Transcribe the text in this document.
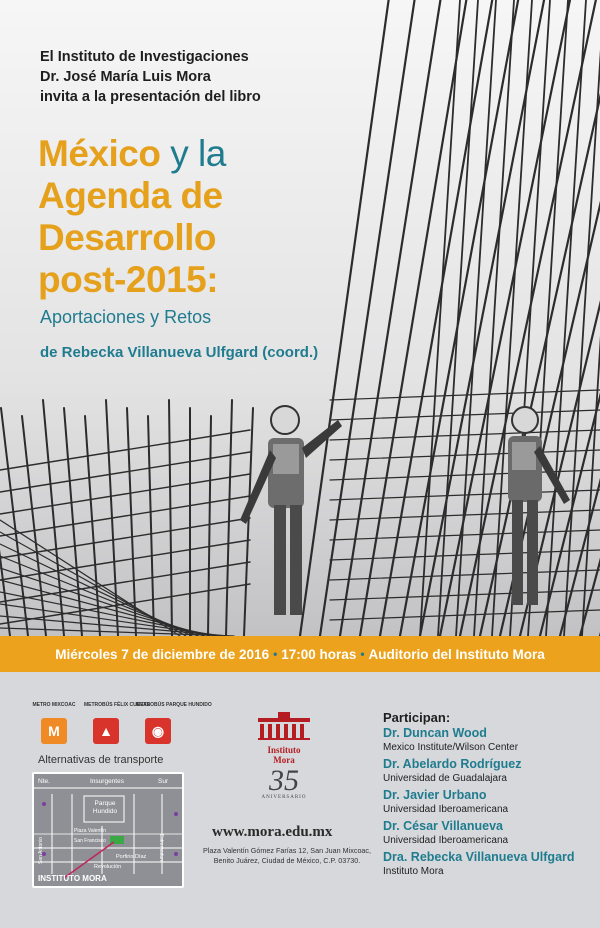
El Instituto de Investigaciones
Dr. José María Luis Mora
invita a la presentación del libro
México y la
Agenda de
Desarrollo
post-2015:
Aportaciones y Retos
de Rebecka Villanueva Ulfgard (coord.)
Miércoles 7 de diciembre de 2016 • 17:00 horas • Auditorio del Instituto Mora
METRO MIXCOAC
M
METROBÚS FÉLIX CUEVAS
▲
METROBÚS PARQUE HUNDIDO
◉
Alternativas de transporte
Nte.	Insurgentes	Sur
Parque Hundido
Porfirio Díaz
Revolución
San Antonio
Plaza Valentín
San Francisco	Extremadura
INSTITUTO MORA
Instituto
Mora
35
ANIVERSARIO
www.mora.edu.mx
Plaza Valentín Gómez Farías 12, San Juan Mixcoac, Benito Juárez, Ciudad de México, C.P. 03730.
Participan:
Dr. Duncan Wood
Mexico Institute/Wilson Center
Dr. Abelardo Rodríguez
Universidad de Guadalajara
Dr. Javier Urbano
Universidad Iberoamericana
Dr. César Villanueva
Universidad Iberoamericana
Dra. Rebecka Villanueva Ulfgard
Instituto Mora
